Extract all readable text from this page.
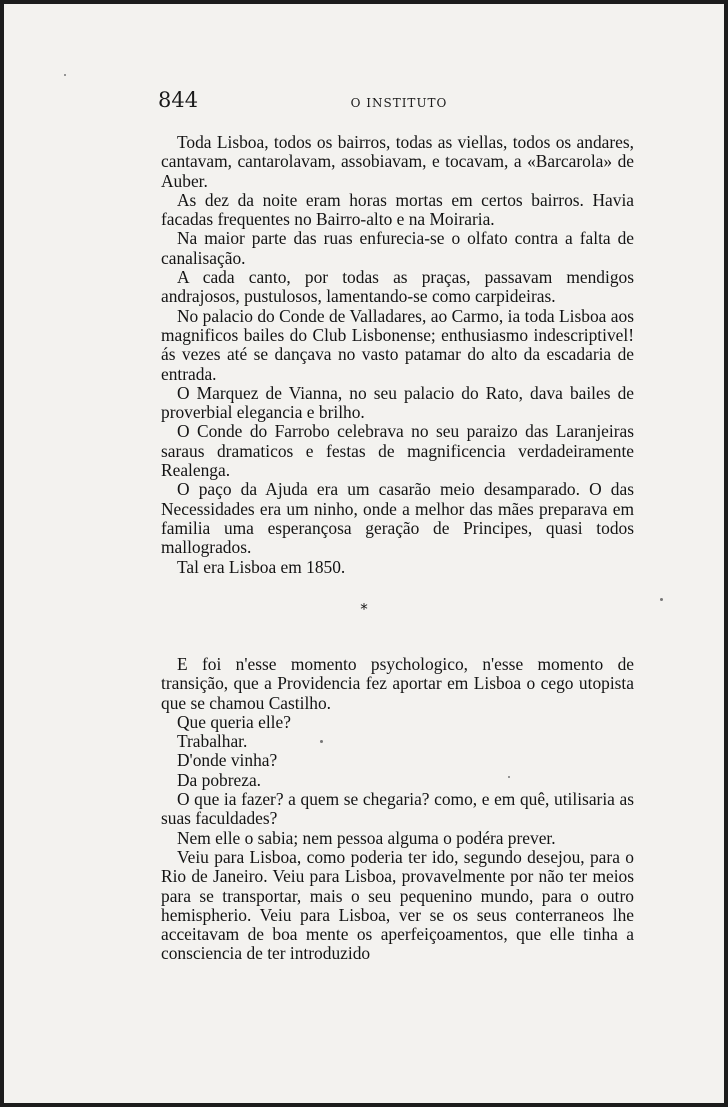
844	O INSTITUTO

Toda Lisboa, todos os bairros, todas as viellas, todos os andares, cantavam, cantarolavam, assobiavam, e tocavam, a «Barcarola» de Auber.

As dez da noite eram horas mortas em certos bairros. Havia facadas frequentes no Bairro-alto e na Moiraria.

Na maior parte das ruas enfurecia-se o olfato contra a falta de canalisação.

A cada canto, por todas as praças, passavam mendigos andrajosos, pustulosos, lamentando-se como carpideiras.

No palacio do Conde de Valladares, ao Carmo, ia toda Lisboa aos magnificos bailes do Club Lisbonense; enthusiasmo indescriptivel! ás vezes até se dançava no vasto patamar do alto da escadaria de entrada.

O Marquez de Vianna, no seu palacio do Rato, dava bailes de proverbial elegancia e brilho.

O Conde do Farrobo celebrava no seu paraizo das Laranjeiras saraus dramaticos e festas de magnificencia verdadeiramente Realenga.

O paço da Ajuda era um casarão meio desamparado. O das Necessidades era um ninho, onde a melhor das mães preparava em familia uma esperançosa geração de Principes, quasi todos mallogrados.

Tal era Lisboa em 1850.

*

E foi n'esse momento psychologico, n'esse momento de transição, que a Providencia fez aportar em Lisboa o cego utopista que se chamou Castilho.

Que queria elle?

Trabalhar.

D'onde vinha?

Da pobreza.

O que ia fazer? a quem se chegaria? como, e em quê, utilisaria as suas faculdades?

Nem elle o sabia; nem pessoa alguma o podéra prever.

Veiu para Lisboa, como poderia ter ido, segundo desejou, para o Rio de Janeiro. Veiu para Lisboa, provavelmente por não ter meios para se transportar, mais o seu pequenino mundo, para o outro hemispherio. Veiu para Lisboa, ver se os seus conterraneos lhe acceitavam de boa mente os aperfeiçoamentos, que elle tinha a consciencia de ter introduzido
